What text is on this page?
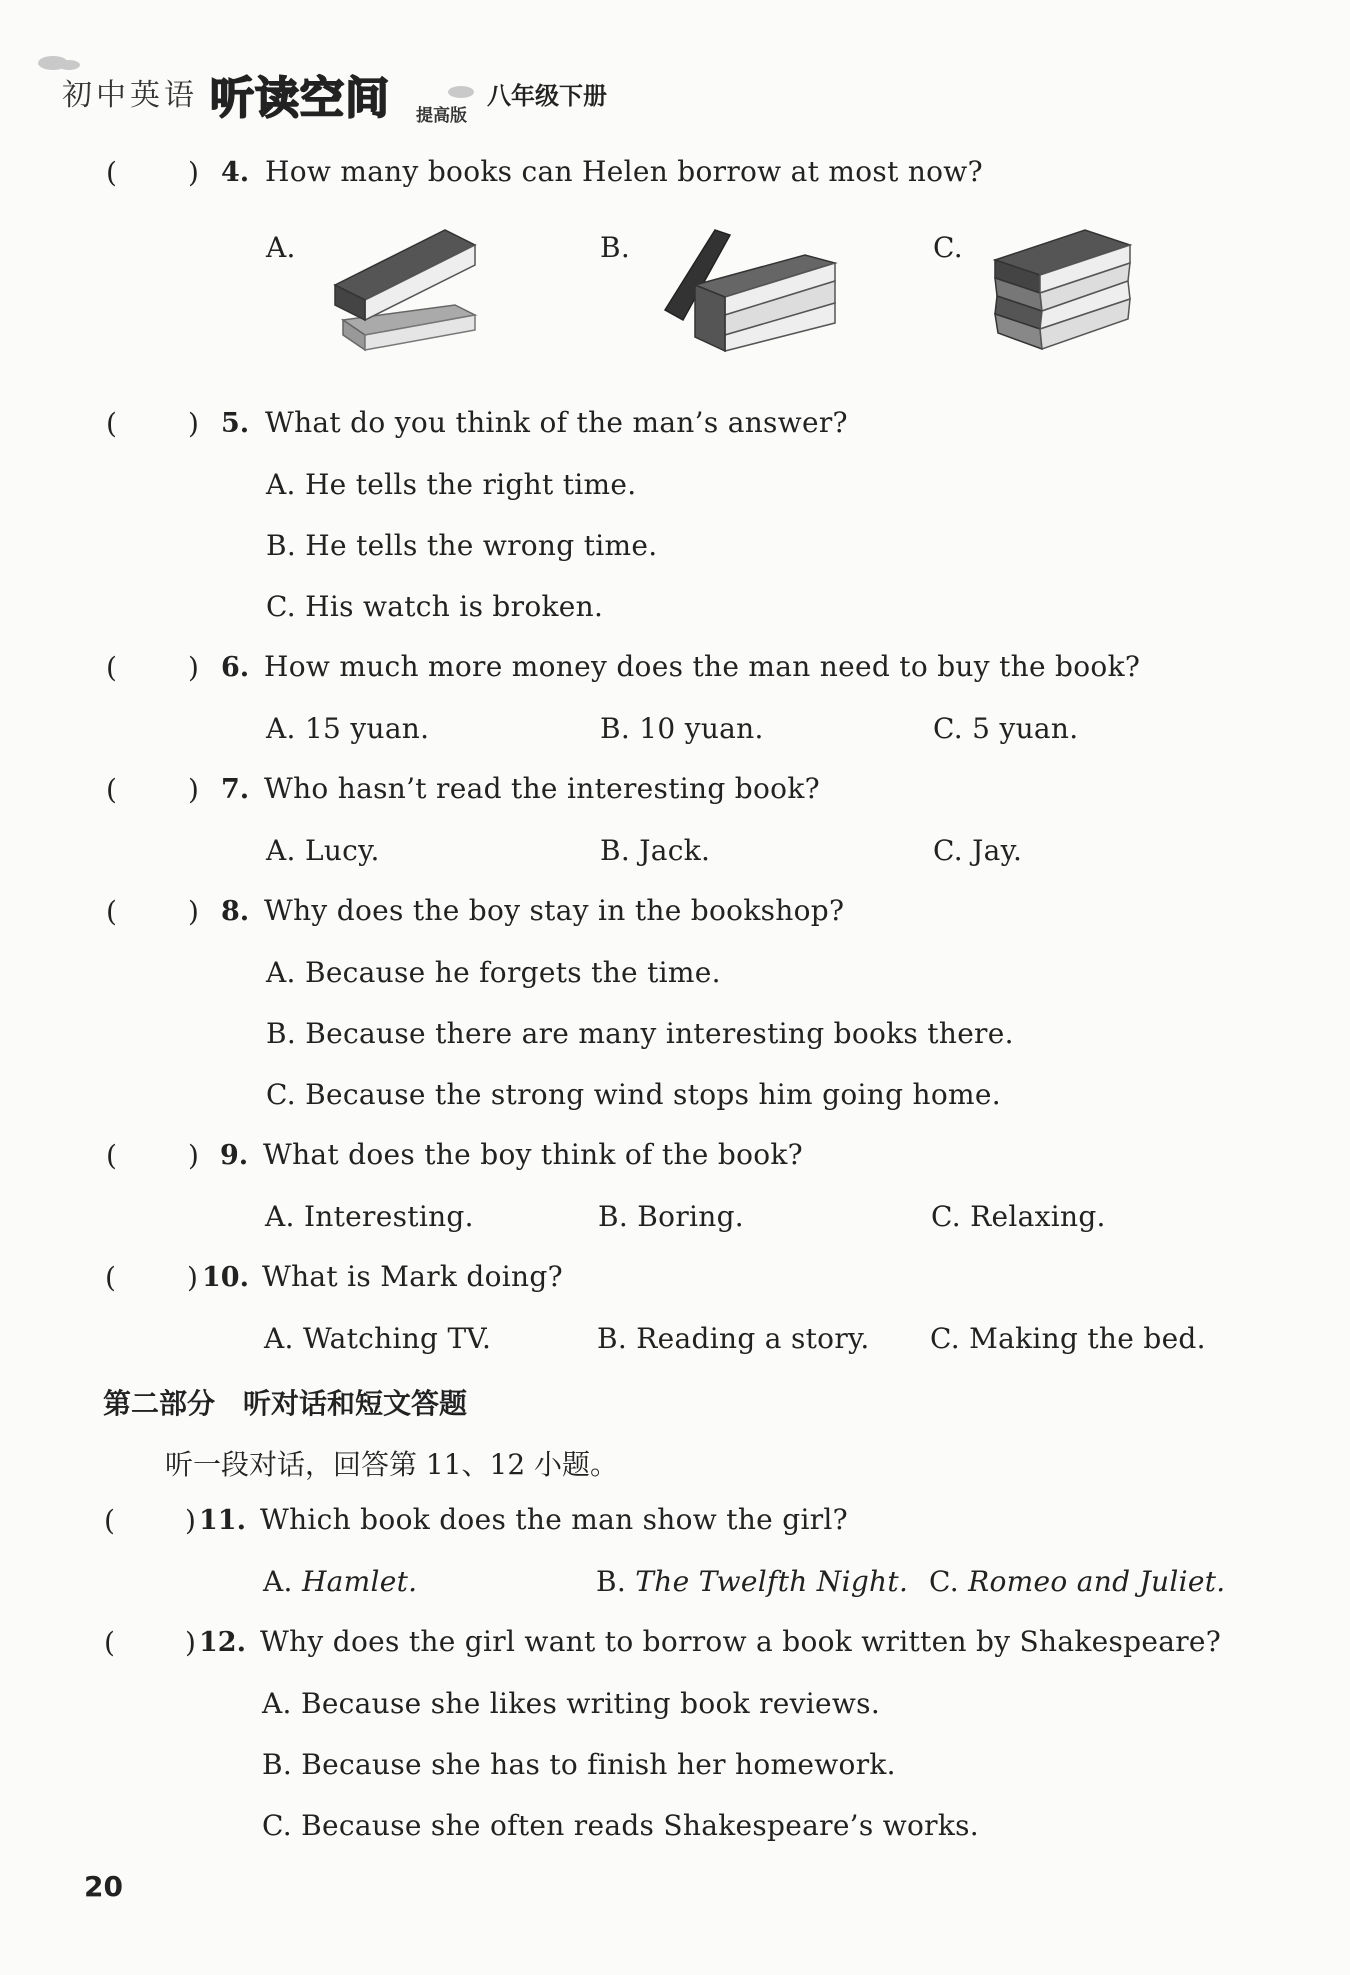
初中英语 听读空间 提高版
八年级下册
(	) 4. How many books can Helen borrow at most now?
A.	B.	C.
(	) 5. What do you think of the man’s answer?
A. He tells the right time.
B. He tells the wrong time.
C. His watch is broken.
(	) 6. How much more money does the man need to buy the book?
A. 15 yuan.	B. 10 yuan.	C. 5 yuan.
(	) 7. Who hasn’t read the interesting book?
A. Lucy.	B. Jack.	C. Jay.
(	) 8. Why does the boy stay in the bookshop?
A. Because he forgets the time.
B. Because there are many interesting books there.
C. Because the strong wind stops him going home.
(	) 9. What does the boy think of the book?
A. Interesting.	B. Boring.	C. Relaxing.
(	) 10. What is Mark doing?
A. Watching TV.	B. Reading a story. C. Making the bed.
第二部分　听对话和短文答题
听一段对话，回答第 11、12 小题。
(	) 11. Which book does the man show the girl?
A. Hamlet.	B. The Twelfth Night. C. Romeo and Juliet.
(	) 12. Why does the girl want to borrow a book written by Shakespeare?
A. Because she likes writing book reviews.
B. Because she has to finish her homework.
C. Because she often reads Shakespeare’s works.
20
